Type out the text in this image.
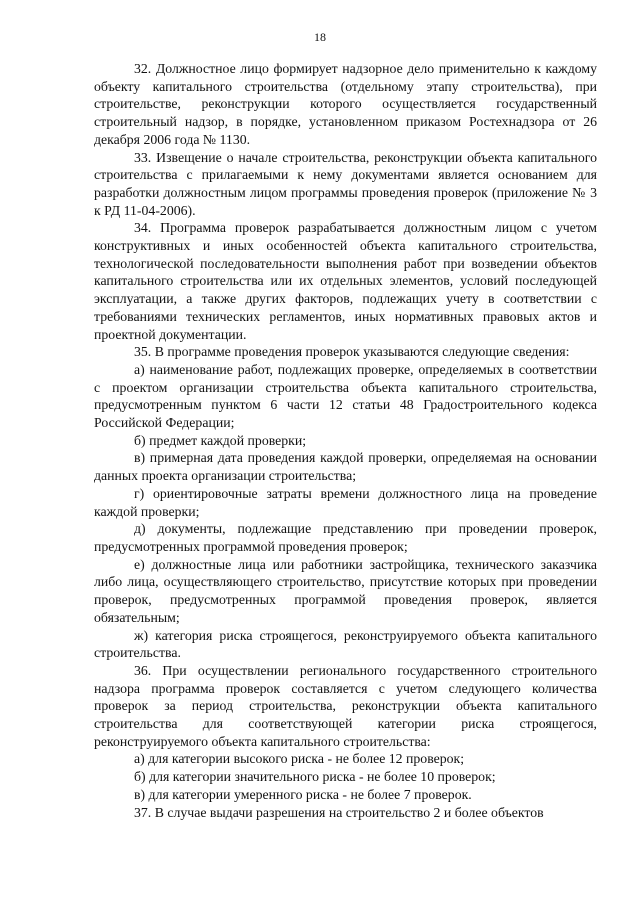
18

32. Должностное лицо формирует надзорное дело применительно к каждому объекту капитального строительства (отдельному этапу строительства), при строительстве, реконструкции которого осуществляется государственный строительный надзор, в порядке, установленном приказом Ростехнадзора от 26 декабря 2006 года № 1130.

33. Извещение о начале строительства, реконструкции объекта капитального строительства с прилагаемыми к нему документами является основанием для разработки должностным лицом программы проведения проверок (приложение № 3 к РД 11-04-2006).

34. Программа проверок разрабатывается должностным лицом с учетом конструктивных и иных особенностей объекта капитального строительства, технологической последовательности выполнения работ при возведении объектов капитального строительства или их отдельных элементов, условий последующей эксплуатации, а также других факторов, подлежащих учету в соответствии с требованиями технических регламентов, иных нормативных правовых актов и проектной документации.

35. В программе проведения проверок указываются следующие сведения:

а) наименование работ, подлежащих проверке, определяемых в соответствии с проектом организации строительства объекта капитального строительства, предусмотренным пунктом 6 части 12 статьи 48 Градостроительного кодекса Российской Федерации;

б) предмет каждой проверки;

в) примерная дата проведения каждой проверки, определяемая на основании данных проекта организации строительства;

г) ориентировочные затраты времени должностного лица на проведение каждой проверки;

д) документы, подлежащие представлению при проведении проверок, предусмотренных программой проведения проверок;

е) должностные лица или работники застройщика, технического заказчика либо лица, осуществляющего строительство, присутствие которых при проведении проверок, предусмотренных программой проведения проверок, является обязательным;

ж) категория риска строящегося, реконструируемого объекта капитального строительства.

36. При осуществлении регионального государственного строительного надзора программа проверок составляется с учетом следующего количества проверок за период строительства, реконструкции объекта капитального строительства для соответствующей категории риска строящегося, реконструируемого объекта капитального строительства:

а) для категории высокого риска - не более 12 проверок;

б) для категории значительного риска - не более 10 проверок;

в) для категории умеренного риска - не более 7 проверок.

37. В случае выдачи разрешения на строительство 2 и более объектов
